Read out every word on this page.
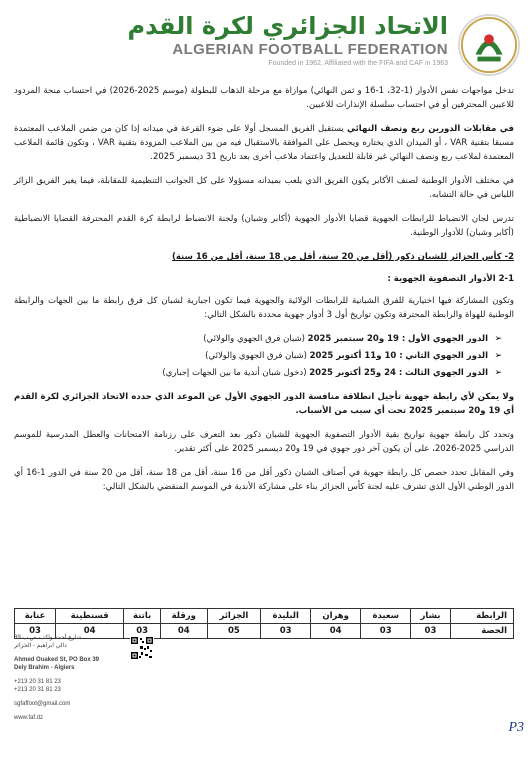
الاتحاد الجزائري لكرة القدم
ALGERIAN FOOTBALL FEDERATION
Founded in 1962, Affiliated with the FIFA and CAF in 1963

تدخل مواجهات نفس الأدوار (1-32، 1-16 و ثمن النهائي) موازاة مع مرحلة الذهاب للبطولة (موسم 2025-2026) في احتساب منحة المردود للاعبين المحترفين أو في احتساب سلسلة الإنذارات للاعبين.

في مقابلات الدورين ربع ونصف النهائي يستقبل الفريق المسجل أولا على ضوء القرعة في ميدانه إذا كان من ضمن الملاعب المعتمدة مسبقا بتقنية VAR ، أو الميدان الذي يختاره ويحصل على الموافقة بالاستقبال فيه من بين الملاعب المزودة بتقنية VAR ، وتكون قائمة الملاعب المعتمدة لملاعب ربع ونصف النهائي غير قابلة للتعديل واعتماد ملاعب أخرى بعد تاريخ 31 ديسمبر 2025.

في مختلف الأدوار الوطنية لصنف الأكابر يكون الفريق الذي يلعب بميدانه مسؤولا على كل الجوانب التنظيمية للمقابلة، فيما يغير الفريق الزائر اللباس في حالة التشابه.

تدرس لجان الانضباط للرابطات الجهوية قضايا الأدوار الجهوية (أكابر وشبان) ولجنة الانضباط لرابطة كرة القدم المحترفة القضايا الانضباطية (أكابر وشبان) للأدوار الوطنية.

2- كأس الجزائر للشبان ذكور (أقل من 20 سنة، أقل من 18 سنة، أقل من 16 سنة)
2-1 الأدوار التصفوية الجهوية :

وتكون المشاركة فيها اختيارية للفرق الشبانية للرابطات الولائية والجهوية فيما تكون اجبارية لشبان كل فرق رابطة ما بين الجهات والرابطة الوطنية للهواة والرابطة المحترفة وتكون تواريخ أول 3 أدوار جهوية محددة بالشكل التالي:

➢ الدور الجهوي الأول : 19 و20 سبتمبر 2025 (شبان فرق الجهوي والولائي)
➢ الدور الجهوي الثاني : 10 و11 أكتوبر 2025 (شبان فرق الجهوي والولائي)
➢ الدور الجهوي الثالث : 24 و25 أكتوبر 2025 (دخول شبان أندية ما بين الجهات إجباري)

ولا يمكن لأي رابطة جهوية تأجيل انطلاقة منافسة الدور الجهوي الأول عن الموعد الذي حدده الاتحاد الجزائري لكرة القدم أي 19 و20 سبتمبر 2025 تحت أي سبب من الأسباب.

وتحدد كل رابطة جهوية تواريخ بقية الأدوار التصفوية الجهوية للشبان ذكور بعد التعرف على رزنامة الامتحانات والعطل المدرسية للموسم الدراسي 2025-2026، على أن يكون آخر دور جهوي في 19 و20 ديسمبر 2025 على أكثر تقدير.

وفي المقابل تحدد حصص كل رابطة جهوية في أصناف الشبان ذكور أقل من 16 سنة، أقل من 18 سنة، أقل من 20 سنة في الدور 1-16 أي الدور الوطني الأول الذي تشرف عليه لجنة كأس الجزائر بناء على مشاركة الأندية في الموسم المنقضي بالشكل التالي:

الرابطة	بشار	سعيدة	وهران	البليدة	الجزائر	ورقلة	باتنة	قسنطينة	عنابة
الحصة	03	03	04	03	05	04	03	04	03
شارع أحمد واكد - ص ب 39
دالي ابراهيم - الجزائر
Ahmed Ouaked St, PO Box 39
Dely Brahim - Algiers
+213 20 31 81 23
+213 20 31 81 23
sgfaffoot@gmail.com
www.faf.dz
P3
